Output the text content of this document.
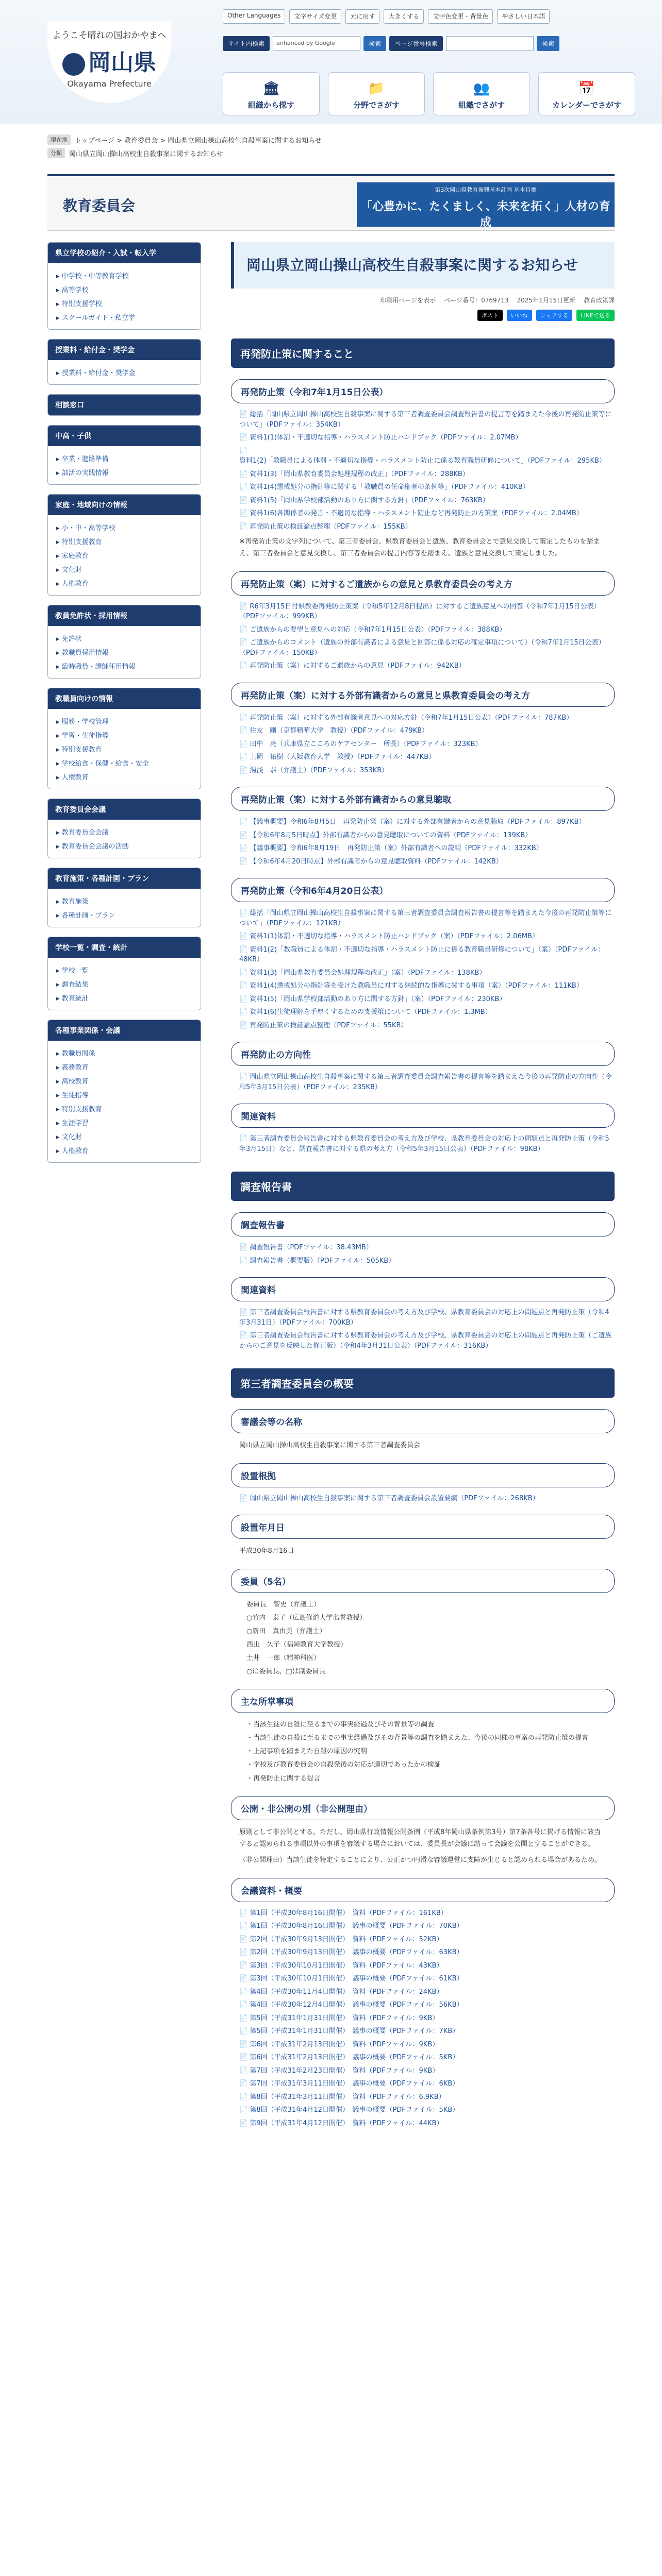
ようこそ晴れの国おかやまへ
岡山県
Okayama Prefecture
Other Languages	文字サイズ変更	元に戻す	大きくする	文字色変更・背景色	やさしい日本語
サイト内検索	enhanced by Google	検索	ページ番号検索	検索
🏛
組織から探す
📁
分野でさがす
👥
組織でさがす
📅
カレンダーでさがす
現在地	トップページ > 教育委員会 > 岡山県立岡山操山高校生自殺事案に関するお知らせ
分類	岡山県立岡山操山高校生自殺事案に関するお知らせ
教育委員会
第3次岡山県教育振興基本計画 基本目標
「心豊かに、たくましく、未来を拓く」人材の育成
県立学校の紹介・入試・転入学
▸ 中学校・中等教育学校
▸ 高等学校
▸ 特別支援学校
▸ スクールガイド・私立学
授業料・給付金・奨学金
▸ 授業料・給付金・奨学金
相談窓口
中高・子供
▸ 卒業・進路準備
▸ 部活の実践情報
家庭・地域向けの情報
▸ 小・中・高等学校
▸ 特別支援教育
▸ 家庭教育
▸ 文化財
▸ 人権教育
教員免許状・採用情報
▸ 免許状
▸ 教職員採用情報
▸ 臨時職員・講師任用情報
教職員向けの情報
▸ 服務・学校管理
▸ 学習・生徒指導
▸ 特別支援教育
▸ 学校給食・保健・給食・安全
▸ 人権教育
教育委員会会議
▸ 教育委員会会議
▸ 教育委員会会議の活動
教育施策・各種計画・プラン
▸ 教育施策
▸ 各種計画・プラン
学校一覧・調査・統計
▸ 学校一覧
▸ 調査結果
▸ 教育統計
各種事業関係・会議
▸ 教職員関係
▸ 義務教育
▸ 高校教育
▸ 生徒指導
▸ 特別支援教育
▸ 生涯学習
▸ 文化財
▸ 人権教育
岡山県立岡山操山高校生自殺事案に関するお知らせ
印刷用ページを表示 ページ番号：0769713 2025年1月15日更新 教育政策課
ポスト	いいね	シェアする	LINEで送る
再発防止策に関すること
再発防止策（令和7年1月15日公表）
📄 総括「岡山県立岡山操山高校生自殺事案に関する第三者調査委員会調査報告書の提言等を踏まえた今後の再発防止策等について」（PDFファイル：354KB）
📄 資料1(1)体罰・不適切な指導・ハラスメント防止ハンドブック（PDFファイル：2.07MB）
📄 資料1(2)「教職員による体罰・不適切な指導・ハラスメント防止に係る教育職員研修について」（PDFファイル：295KB）
📄 資料1(3)「岡山県教育委員会処理規程の改正」（PDFファイル：288KB）
📄 資料1(4)懲戒処分の指針等に関する「教職員の任命権者の条例等」（PDFファイル：410KB）
📄 資料1(5)「岡山県学校部活動のあり方に関する方針」（PDFファイル：763KB）
📄 資料1(6)各関係者の発言・不適切な指導・ハラスメント防止など再発防止の方策案（PDFファイル：2.04MB）
📄 再発防止策の検証論点整理（PDFファイル：155KB）
※再発防止策の文字列について、第三者委員会、県教育委員会と遺族、教育委員会とで意見交換して策定したものを踏まえ、第三者委員会と意見交換し、第三者委員会の提言内容等を踏まえ、遺族と意見交換して策定しました。
再発防止策（案）に対するご遺族からの意見と県教育委員会の考え方
📄 R6年3月15日付県教委再発防止策案（令和5年12月8日提出）に対するご遺族意見への回答（令和7年1月15日公表）（PDFファイル：999KB）
📄 ご遺族からの要望と意見への対応（令和7年1月15日公表）（PDFファイル：388KB）
📄 ご遺族からのコメント（遺族の外部有識者による意見と回答に係る対応の確定事項について）（令和7年1月15日公表）（PDFファイル：150KB）
📄 再発防止策（案）に対するご遺族からの意見（PDFファイル：942KB）
再発防止策（案）に対する外部有識者からの意見と県教育委員会の考え方
📄 再発防止策（案）に対する外部有識者意見への対応方針（令和7年1月15日公表）（PDFファイル：787KB）
📄 住友　剛（京都精華大学　教授）（PDFファイル：479KB）
📄 田中　亮（兵庫県立こころのケアセンター　所長）（PDFファイル：323KB）
📄 上岡　祐樹（大阪教育大学　教授）（PDFファイル：447KB）
📄 湯浅　恭（弁護士）（PDFファイル：353KB）
再発防止策（案）に対する外部有識者からの意見聴取
📄 【議事概要】令和6年8月5日　再発防止策（案）に対する外部有識者からの意見聴取（PDFファイル：897KB）
📄 【令和6年8月5日時点】外部有識者からの意見聴取についての資料（PDFファイル：139KB）
📄 【議事概要】令和6年8月19日　再発防止策（案）外部有識者への説明（PDFファイル：332KB）
📄 【令和6年4月20日時点】外部有識者からの意見聴取資料（PDFファイル：142KB）
再発防止策（令和6年4月20日公表）
📄 総括「岡山県立岡山操山高校生自殺事案に関する第三者調査委員会調査報告書の提言等を踏まえた今後の再発防止策等について」（PDFファイル：121KB）
📄 資料1(1)体罰・不適切な指導・ハラスメント防止ハンドブック（案）（PDFファイル：2.06MB）
📄 資料1(2)「教職員による体罰・不適切な指導・ハラスメント防止に係る教育職員研修について」（案）（PDFファイル：48KB）
📄 資料1(3)「岡山県教育委員会処理規程の改正」（案）（PDFファイル：138KB）
📄 資料1(4)懲戒処分の指針等を受けた教職員に対する継続的な指導に関する事項（案）（PDFファイル：111KB）
📄 資料1(5)「岡山県学校部活動のあり方に関する方針」（案）（PDFファイル：230KB）
📄 資料1(6)生徒理解を手厚くするための支援策について（PDFファイル：1.3MB）
📄 再発防止策の検証論点整理（PDFファイル：55KB）
再発防止の方向性
📄 岡山県立岡山操山高校生自殺事案に関する第三者調査委員会調査報告書の提言等を踏まえた今後の再発防止の方向性（令和5年3月15日公表）（PDFファイル：235KB）
関連資料
📄 第三者調査委員会報告書に対する県教育委員会の考え方及び学校、県教育委員会の対応上の問題点と再発防止策（令和5年3月15日）など、調査報告書に対する県の考え方（令和5年3月15日公表）（PDFファイル：98KB）
調査報告書
調査報告書
📄 調査報告書（PDFファイル：38.43MB）
📄 調査報告書（概要版）（PDFファイル：505KB）
関連資料
📄 第三者調査委員会報告書に対する県教育委員会の考え方及び学校、県教育委員会の対応上の問題点と再発防止策（令和4年3月31日）（PDFファイル：700KB）
📄 第三者調査委員会報告書に対する県教育委員会の考え方及び学校、県教育委員会の対応上の問題点と再発防止策（ご遺族からのご意見を反映した修正版）（令和4年3月31日公表）（PDFファイル：316KB）
第三者調査委員会の概要
審議会等の名称
岡山県立岡山操山高校生自殺事案に関する第三者調査委員会
設置根拠
📄 岡山県立岡山操山高校生自殺事案に関する第三者調査委員会設置要綱（PDFファイル：268KB）
設置年月日
平成30年8月16日
委員（5名）
委員長　智史（弁護士）
○竹内　泰子（広島修道大学名誉教授）
○新田　真由美（弁護士）
西山　久子（福岡教育大学教授）
土井　一郎（精神科医）
○は委員長、□は副委員長
主な所掌事項
・当該生徒の自殺に至るまでの事実経過及びその背景等の調査
・当該生徒の自殺に至るまでの事実経過及びその背景等の調査を踏まえた、今後の同様の事案の再発防止策の提言
・上記事項を踏まえた自殺の原因の究明
・学校及び教育委員会の自殺発後の対応が適切であったかの検証
・再発防止に関する提言
公開・非公開の別（非公開理由）
原則として非公開とする。ただし、岡山県行政情報公開条例（平成8年岡山県条例第3号）第7条各号に掲げる情報に該当すると認められる事項以外の事項を審議する場合においては、委員長が会議に諮って会議を公開とすることができる。
（非公開理由）当該生徒を特定することにより、公正かつ円滑な審議運営に支障が生じると認められる場合があるため。
会議資料・概要
📄 第1回（平成30年8月16日開催）　資料（PDFファイル：161KB）
📄 第1回（平成30年8月16日開催）　議事の概要（PDFファイル：70KB）
📄 第2回（平成30年9月13日開催）　資料（PDFファイル：52KB）
📄 第2回（平成30年9月13日開催）　議事の概要（PDFファイル：63KB）
📄 第3回（平成30年10月1日開催）　資料（PDFファイル：43KB）
📄 第3回（平成30年10月1日開催）　議事の概要（PDFファイル：61KB）
📄 第4回（平成30年11月4日開催）　資料（PDFファイル：24KB）
📄 第4回（平成30年12月4日開催）　議事の概要（PDFファイル：56KB）
📄 第5回（平成31年1月31日開催）　資料（PDFファイル：9KB）
📄 第5回（平成31年1月31日開催）　議事の概要（PDFファイル：7KB）
📄 第6回（平成31年2月13日開催）　資料（PDFファイル：9KB）
📄 第6回（平成31年2月13日開催）　議事の概要（PDFファイル：5KB）
📄 第7回（平成31年2月23日開催）　資料（PDFファイル：9KB）
📄 第7回（平成31年3月11日開催）　議事の概要（PDFファイル：6KB）
📄 第8回（平成31年3月11日開催）　資料（PDFファイル：6.9KB）
📄 第8回（平成31年4月12日開催）　議事の概要（PDFファイル：5KB）
📄 第9回（平成31年4月12日開催）　資料（PDFファイル：44KB）
